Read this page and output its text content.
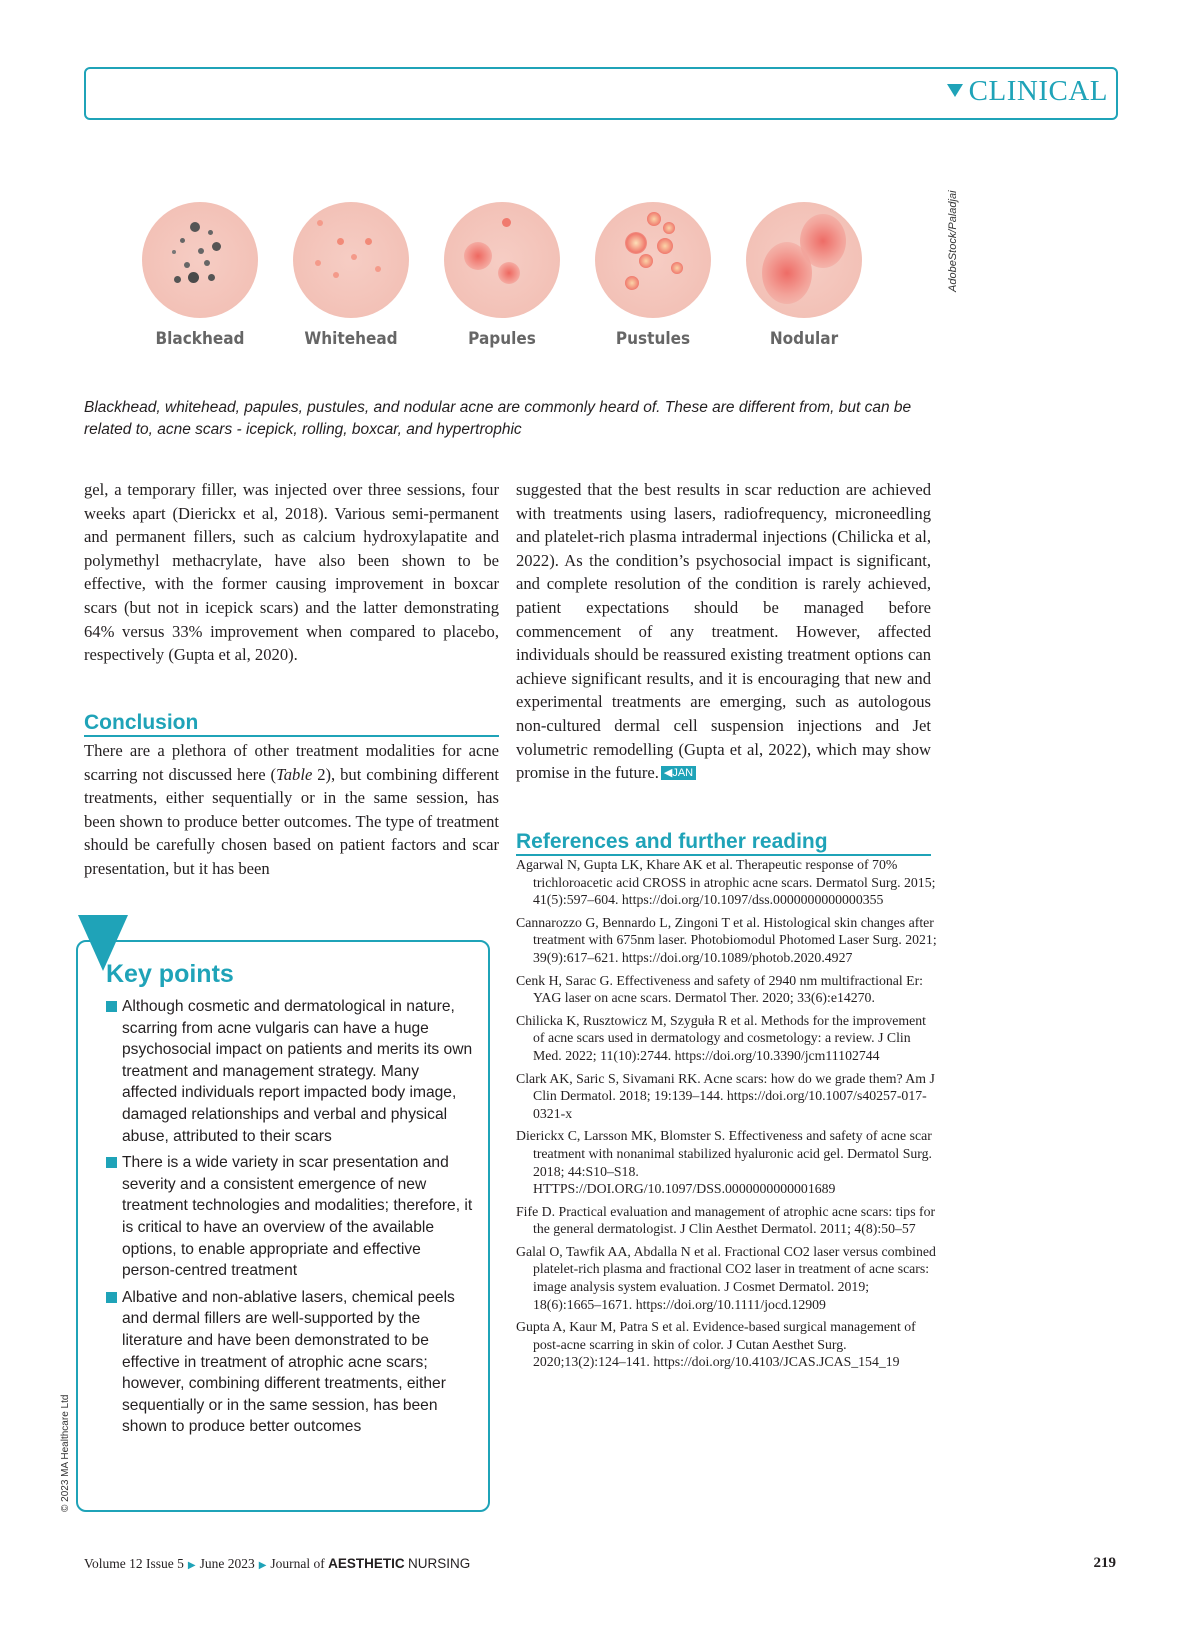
CLINICAL
Blackhead	Whitehead	Papules	Pustules	Nodular
AdobeStock/Paladjai
Blackhead, whitehead, papules, pustules, and nodular acne are commonly heard of. These are different from, but can be related to, acne scars - icepick, rolling, boxcar, and hypertrophic

gel, a temporary filler, was injected over three sessions, four weeks apart (Dierickx et al, 2018). Various semi-permanent and permanent fillers, such as calcium hydroxylapatite and polymethyl methacrylate, have also been shown to be effective, with the former causing improvement in boxcar scars (but not in icepick scars) and the latter demonstrating 64% versus 33% improvement when compared to placebo, respectively (Gupta et al, 2020).

Conclusion

There are a plethora of other treatment modalities for acne scarring not discussed here (Table 2), but combining different treatments, either sequentially or in the same session, has been shown to produce better outcomes. The type of treatment should be carefully chosen based on patient factors and scar presentation, but it has been

suggested that the best results in scar reduction are achieved with treatments using lasers, radiofrequency, microneedling and platelet-rich plasma intradermal injections (Chilicka et al, 2022). As the condition’s psychosocial impact is significant, and complete resolution of the condition is rarely achieved, patient expectations should be managed before commencement of any treatment. However, affected individuals should be reassured existing treatment options can achieve significant results, and it is encouraging that new and experimental treatments are emerging, such as autologous non-cultured dermal cell suspension injections and Jet volumetric remodelling (Gupta et al, 2022), which may show promise in the future. ◀JAN

References and further reading
Agarwal N, Gupta LK, Khare AK et al. Therapeutic response of 70% trichloroacetic acid CROSS in atrophic acne scars. Dermatol Surg. 2015; 41(5):597–604. https://doi.org/10.1097/dss.0000000000000355
Cannarozzo G, Bennardo L, Zingoni T et al. Histological skin changes after treatment with 675nm laser. Photobiomodul Photomed Laser Surg. 2021; 39(9):617–621. https://doi.org/10.1089/photob.2020.4927
Cenk H, Sarac G. Effectiveness and safety of 2940 nm multifractional Er: YAG laser on acne scars. Dermatol Ther. 2020; 33(6):e14270.
Chilicka K, Rusztowicz M, Szyguła R et al. Methods for the improvement of acne scars used in dermatology and cosmetology: a review. J Clin Med. 2022; 11(10):2744. https://doi.org/10.3390/jcm11102744
Clark AK, Saric S, Sivamani RK. Acne scars: how do we grade them? Am J Clin Dermatol. 2018; 19:139–144. https://doi.org/10.1007/s40257-017-0321-x
Dierickx C, Larsson MK, Blomster S. Effectiveness and safety of acne scar treatment with nonanimal stabilized hyaluronic acid gel. Dermatol Surg. 2018; 44:S10–S18. HTTPS://DOI.ORG/10.1097/DSS.0000000000001689
Fife D. Practical evaluation and management of atrophic acne scars: tips for the general dermatologist. J Clin Aesthet Dermatol. 2011; 4(8):50–57
Galal O, Tawfik AA, Abdalla N et al. Fractional CO2 laser versus combined platelet-rich plasma and fractional CO2 laser in treatment of acne scars: image analysis system evaluation. J Cosmet Dermatol. 2019; 18(6):1665–1671. https://doi.org/10.1111/jocd.12909
Gupta A, Kaur M, Patra S et al. Evidence-based surgical management of post-acne scarring in skin of color. J Cutan Aesthet Surg. 2020;13(2):124–141. https://doi.org/10.4103/JCAS.JCAS_154_19
Key points
Although cosmetic and dermatological in nature, scarring from acne vulgaris can have a huge psychosocial impact on patients and merits its own treatment and management strategy. Many affected individuals report impacted body image, damaged relationships and verbal and physical abuse, attributed to their scars
There is a wide variety in scar presentation and severity and a consistent emergence of new treatment technologies and modalities; therefore, it is critical to have an overview of the available options, to enable appropriate and effective person-centred treatment
Albative and non-ablative lasers, chemical peels and dermal fillers are well-supported by the literature and have been demonstrated to be effective in treatment of atrophic acne scars; however, combining different treatments, either sequentially or in the same session, has been shown to produce better outcomes
© 2023 MA Healthcare Ltd
Volume 12 Issue 5 ▶ June 2023 ▶ Journal of AESTHETIC NURSING	219
